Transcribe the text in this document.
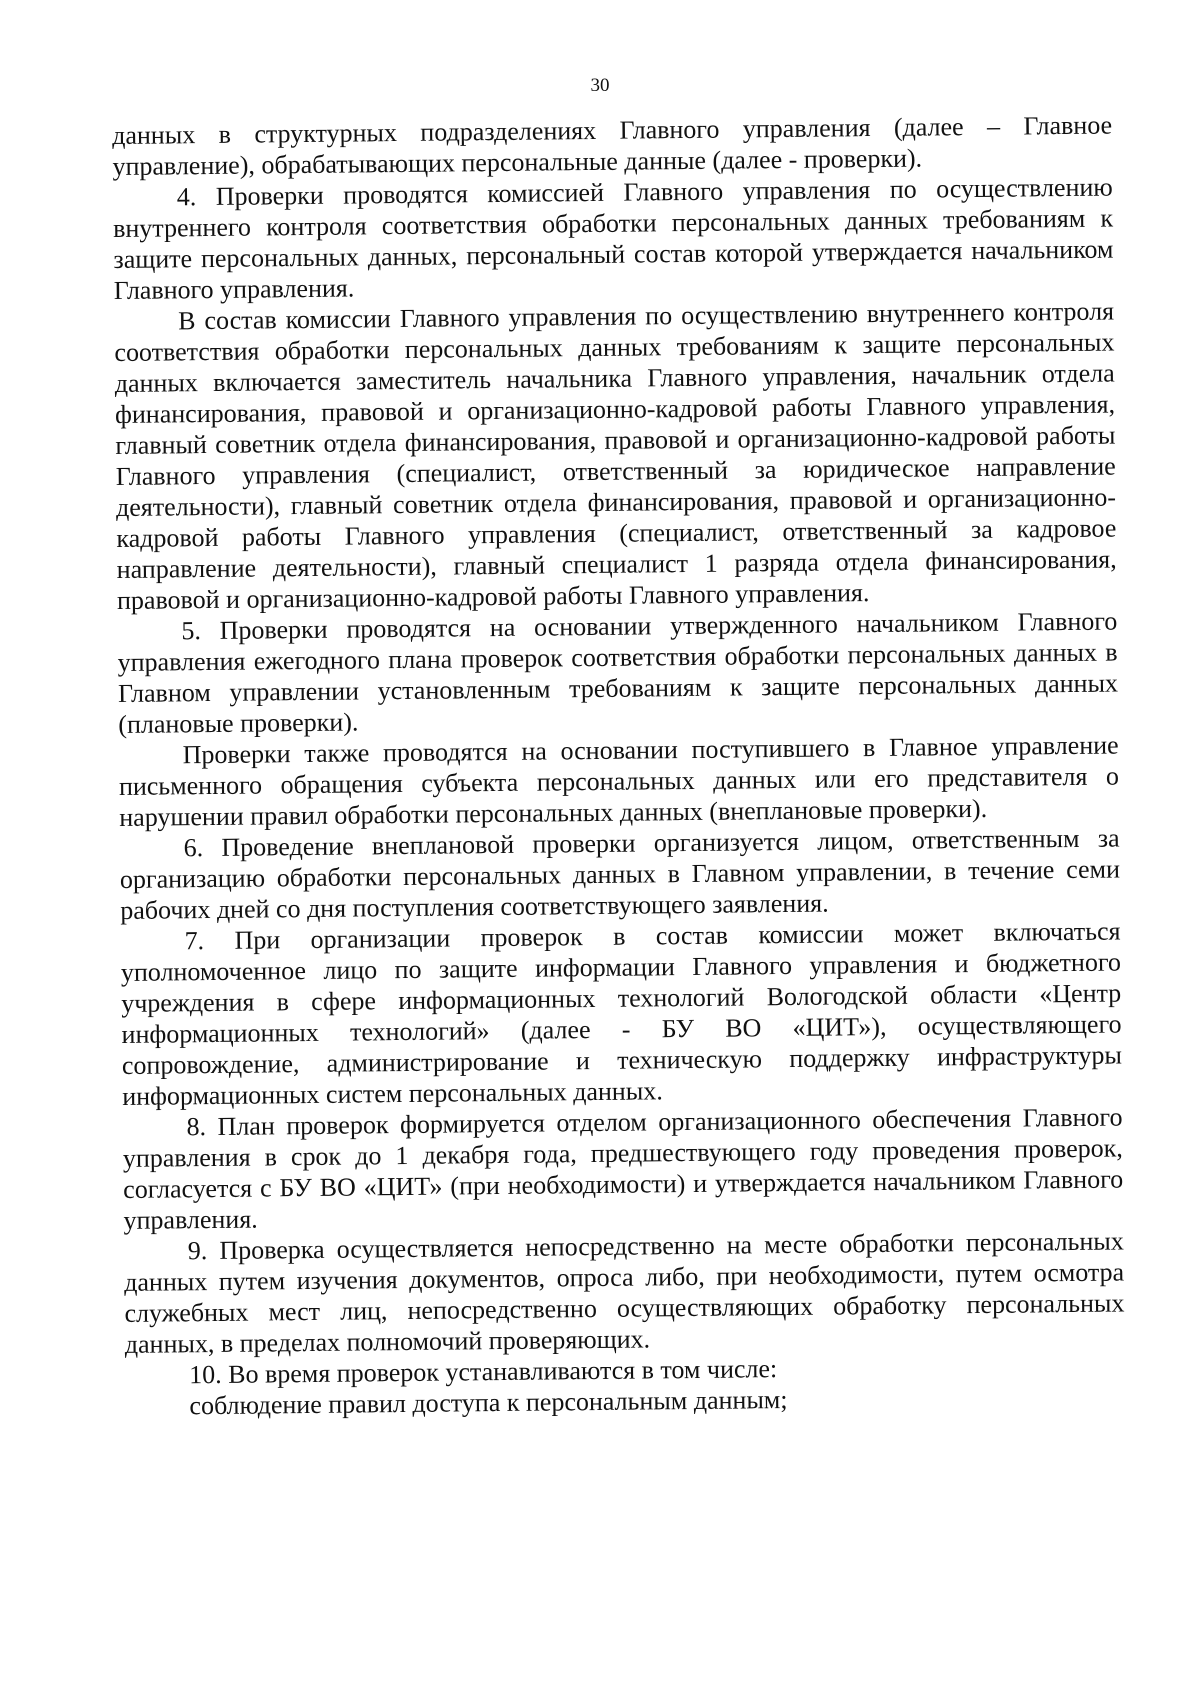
30

данных в структурных подразделениях Главного управления (далее – Главное управление), обрабатывающих персональные данные (далее - проверки).

4. Проверки проводятся комиссией Главного управления по осуществлению внутреннего контроля соответствия обработки персональных данных требованиям к защите персональных данных, персональный состав которой утверждается начальником Главного управления.

В состав комиссии Главного управления по осуществлению внутреннего контроля соответствия обработки персональных данных требованиям к защите персональных данных включается заместитель начальника Главного управления, начальник отдела финансирования, правовой и организационно-кадровой работы Главного управления, главный советник отдела финансирования, правовой и организационно-кадровой работы Главного управления (специалист, ответственный за юридическое направление деятельности), главный советник отдела финансирования, правовой и организационно-кадровой работы Главного управления (специалист, ответственный за кадровое направление деятельности), главный специалист 1 разряда отдела финансирования, правовой и организационно-кадровой работы Главного управления.

5. Проверки проводятся на основании утвержденного начальником Главного управления ежегодного плана проверок соответствия обработки персональных данных в Главном управлении установленным требованиям к защите персональных данных (плановые проверки).

Проверки также проводятся на основании поступившего в Главное управление письменного обращения субъекта персональных данных или его представителя о нарушении правил обработки персональных данных (внеплановые проверки).

6. Проведение внеплановой проверки организуется лицом, ответственным за организацию обработки персональных данных в Главном управлении, в течение семи рабочих дней со дня поступления соответствующего заявления.

7. При организации проверок в состав комиссии может включаться уполномоченное лицо по защите информации Главного управления и бюджетного учреждения в сфере информационных технологий Вологодской области «Центр информационных технологий» (далее - БУ ВО «ЦИТ»), осуществляющего сопровождение, администрирование и техническую поддержку инфраструктуры информационных систем персональных данных.

8. План проверок формируется отделом организационного обеспечения Главного управления в срок до 1 декабря года, предшествующего году проведения проверок, согласуется с БУ ВО «ЦИТ» (при необходимости) и утверждается начальником Главного управления.

9. Проверка осуществляется непосредственно на месте обработки персональных данных путем изучения документов, опроса либо, при необходимости, путем осмотра служебных мест лиц, непосредственно осуществляющих обработку персональных данных, в пределах полномочий проверяющих.

10. Во время проверок устанавливаются в том числе:

соблюдение правил доступа к персональным данным;
